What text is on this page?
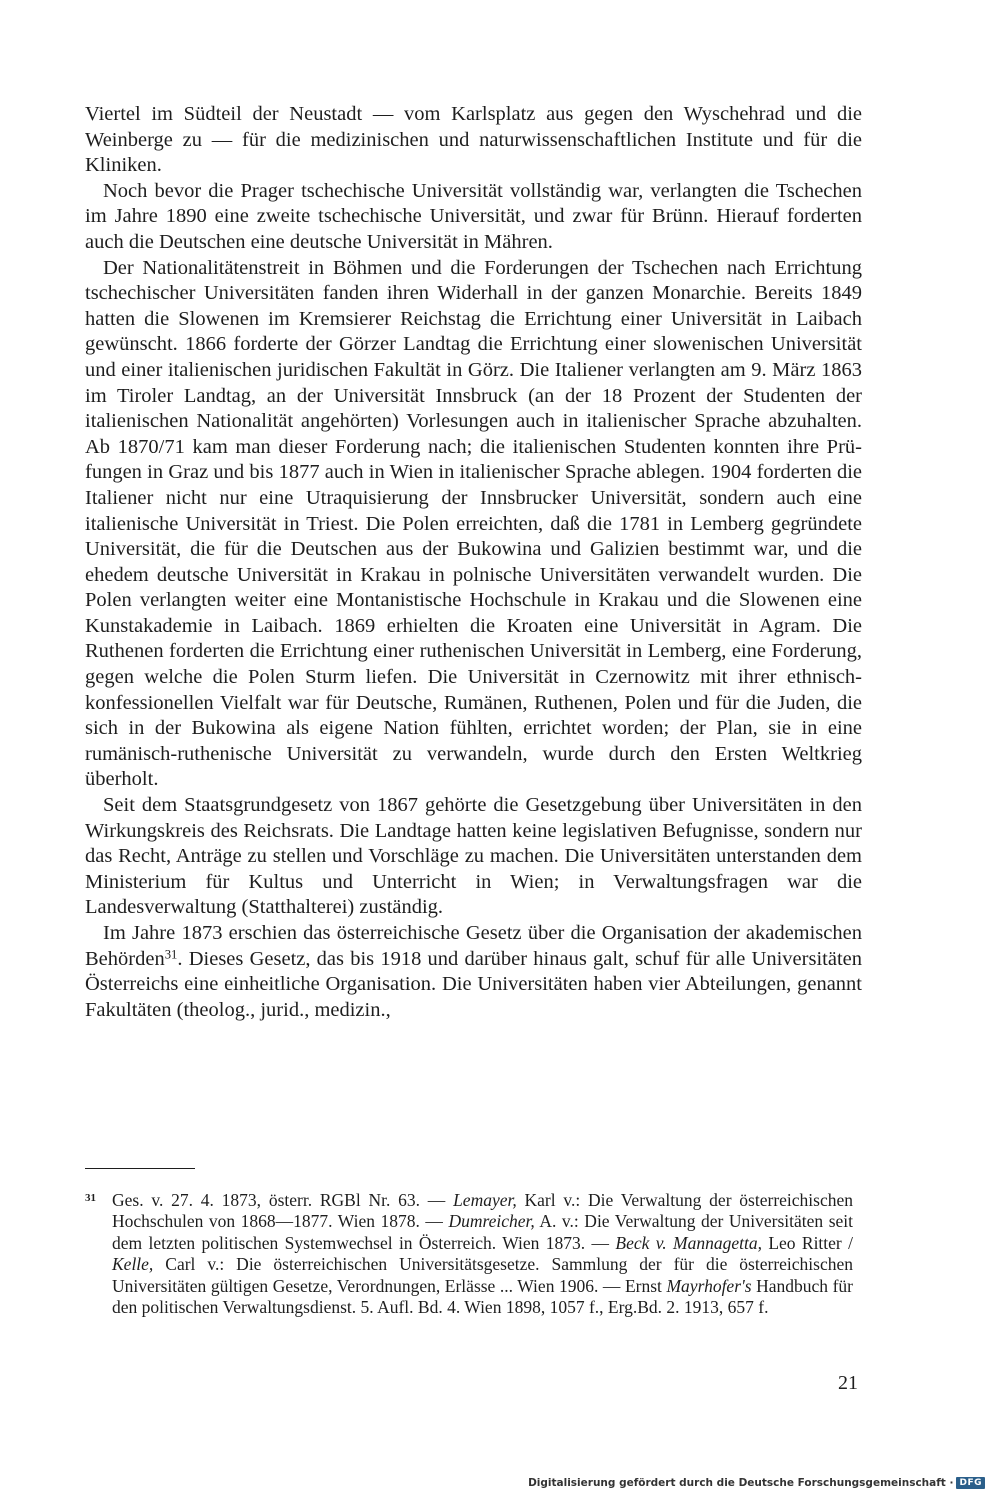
Viertel im Südteil der Neustadt — vom Karlsplatz aus gegen den Wyschehrad und die Weinberge zu — für die medizinischen und naturwissenschaftlichen Institute und für die Kliniken.

Noch bevor die Prager tschechische Universität vollständig war, verlangten die Tschechen im Jahre 1890 eine zweite tschechische Universität, und zwar für Brünn. Hierauf forderten auch die Deutschen eine deutsche Universität in Mähren.

Der Nationalitätenstreit in Böhmen und die Forderungen der Tschechen nach Errichtung tschechischer Universitäten fanden ihren Widerhall in der ganzen Monarchie. Bereits 1849 hatten die Slowenen im Kremsierer Reichstag die Errichtung einer Universität in Laibach gewünscht. 1866 forderte der Görzer Landtag die Errichtung einer slowenischen Universität und einer italienischen juridischen Fakultät in Görz. Die Italiener verlangten am 9. März 1863 im Tiroler Landtag, an der Universität Innsbruck (an der 18 Prozent der Studenten der italienischen Nationalität angehörten) Vorlesungen auch in italienischer Sprache abzuhalten. Ab 1870/71 kam man dieser Forderung nach; die italienischen Studenten konnten ihre Prüfungen in Graz und bis 1877 auch in Wien in italienischer Sprache ablegen. 1904 forderten die Italiener nicht nur eine Utraquisierung der Innsbrucker Universität, sondern auch eine italienische Universität in Triest. Die Polen erreichten, daß die 1781 in Lemberg gegründete Universität, die für die Deutschen aus der Bukowina und Galizien bestimmt war, und die ehedem deutsche Universität in Krakau in polnische Universitäten verwandelt wurden. Die Polen verlangten weiter eine Montanistische Hochschule in Krakau und die Slowenen eine Kunstakademie in Laibach. 1869 erhielten die Kroaten eine Universität in Agram. Die Ruthenen forderten die Errichtung einer ruthenischen Universität in Lemberg, eine Forderung, gegen welche die Polen Sturm liefen. Die Universität in Czernowitz mit ihrer ethnisch-konfessionellen Vielfalt war für Deutsche, Rumänen, Ruthenen, Polen und für die Juden, die sich in der Bukowina als eigene Nation fühlten, errichtet worden; der Plan, sie in eine rumänisch-ruthenische Universität zu verwandeln, wurde durch den Ersten Weltkrieg überholt.

Seit dem Staatsgrundgesetz von 1867 gehörte die Gesetzgebung über Universitäten in den Wirkungskreis des Reichsrats. Die Landtage hatten keine legislativen Befugnisse, sondern nur das Recht, Anträge zu stellen und Vorschläge zu machen. Die Universitäten unterstanden dem Ministerium für Kultus und Unterricht in Wien; in Verwaltungsfragen war die Landesverwaltung (Statthalterei) zuständig.

Im Jahre 1873 erschien das österreichische Gesetz über die Organisation der akademischen Behörden$^{31}$. Dieses Gesetz, das bis 1918 und darüber hinaus galt, schuf für alle Universitäten Österreichs eine einheitliche Organisation. Die Universitäten haben vier Abteilungen, genannt Fakultäten (theolog., jurid., medizin.,

31 Ges. v. 27. 4. 1873, österr. RGBl Nr. 63. — Lemayer, Karl v.: Die Verwaltung der österreichischen Hochschulen von 1868—1877. Wien 1878. — Dumreicher, A. v.: Die Verwaltung der Universitäten seit dem letzten politischen Systemwechsel in Österreich. Wien 1873. — Beck v. Mannagetta, Leo Ritter / Kelle, Carl v.: Die österreichischen Universitätsgesetze. Sammlung der für die österreichischen Universitäten gültigen Gesetze, Verordnungen, Erlässe ... Wien 1906. — Ernst Mayrhofer's Handbuch für den politischen Verwaltungsdienst. 5. Aufl. Bd. 4. Wien 1898, 1057 f., Erg.Bd. 2. 1913, 657 f.
21
Digitalisierung gefördert durch die Deutsche Forschungsgemeinschaft · DFG
